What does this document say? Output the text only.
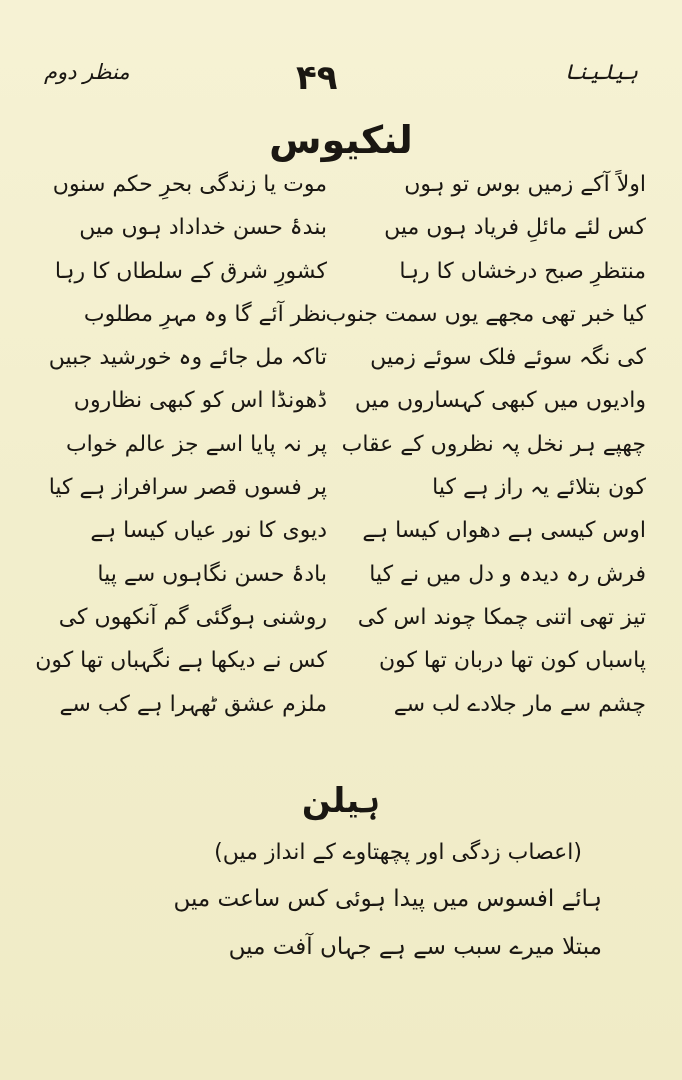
ہیلینا
۴۹
منظر دوم
لنکیوس
اولاً آکے زمیں بوس تو ہوں
کس لئے مائلِ فریاد ہوں میں
منتظرِ صبح درخشاں کا رہا
کیا خبر تھی مجھے یوں سمت جنوب
کی نگہ سوئے فلک سوئے زمیں
وادیوں میں کبھی کہساروں میں
چھپے ہر نخل پہ نظروں کے عقاب
کون بتلائے یہ راز ہے کیا
اوس کیسی ہے دھواں کیسا ہے
فرش رہ دیدہ و دل میں نے کیا
تیز تھی اتنی چمکا چوند اس کی
پاسباں کون تھا دربان تھا کون
چشم سے مار جلادے لب سے
موت یا زندگی بحرِ حکم سنوں
بندۂ حسن خداداد ہوں میں
کشورِ شرق کے سلطاں کا رہا
نظر آئے گا وہ مہرِ مطلوب
تاکہ مل جائے وہ خورشید جبیں
ڈھونڈا اس کو کبھی نظاروں
پر نہ پایا اسے جز عالم خواب
پر فسوں قصر سرافراز ہے کیا
دیوی کا نور عیاں کیسا ہے
بادۂ حسن نگاہوں سے پیا
روشنی ہوگئی گم آنکھوں کی
کس نے دیکھا ہے نگہباں تھا کون
ملزم عشق ٹھہرا ہے کب سے
ہیلن
(اعصاب زدگی اور پچھتاوے کے انداز میں)
ہائے افسوس میں پیدا ہوئی کس ساعت میں
مبتلا میرے سبب سے ہے جہاں آفت میں
